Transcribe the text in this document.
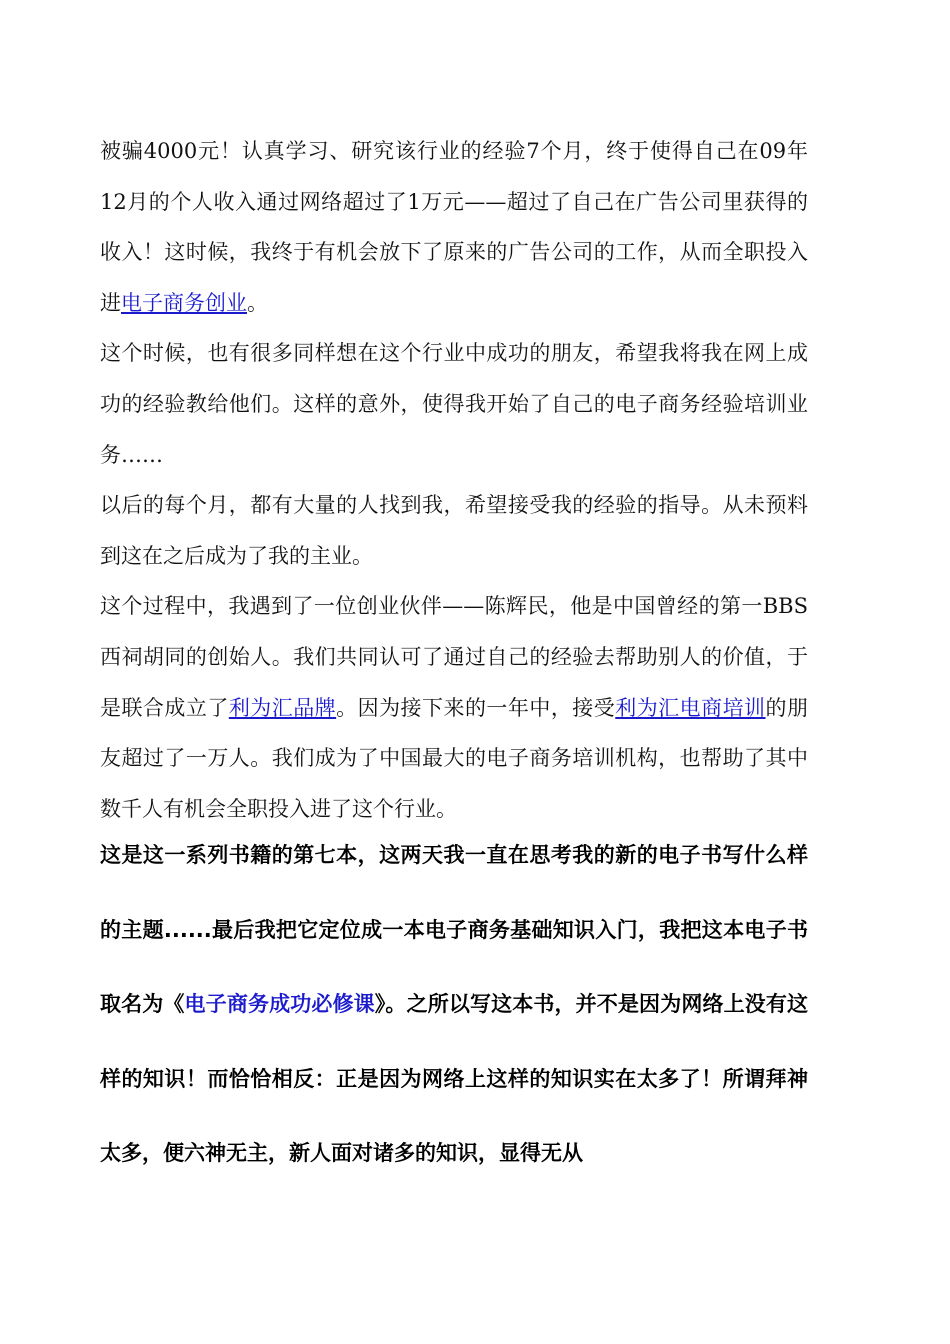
被骗4000元！认真学习、研究该行业的经验7个月，终于使得自己在09年12月的个人收入通过网络超过了1万元——超过了自己在广告公司里获得的收入！这时候，我终于有机会放下了原来的广告公司的工作，从而全职投入进电子商务创业。

这个时候，也有很多同样想在这个行业中成功的朋友，希望我将我在网上成功的经验教给他们。这样的意外，使得我开始了自己的电子商务经验培训业务……

以后的每个月，都有大量的人找到我，希望接受我的经验的指导。从未预料到这在之后成为了我的主业。

这个过程中，我遇到了一位创业伙伴——陈辉民，他是中国曾经的第一BBS西祠胡同的创始人。我们共同认可了通过自己的经验去帮助别人的价值，于是联合成立了利为汇品牌。因为接下来的一年中，接受利为汇电商培训的朋友超过了一万人。我们成为了中国最大的电子商务培训机构，也帮助了其中数千人有机会全职投入进了这个行业。

这是这一系列书籍的第七本，这两天我一直在思考我的新的电子书写什么样的主题......最后我把它定位成一本电子商务基础知识入门，我把这本电子书取名为《电子商务成功必修课》。之所以写这本书，并不是因为网络上没有这样的知识！而恰恰相反：正是因为网络上这样的知识实在太多了！所谓拜神太多，便六神无主，新人面对诸多的知识，显得无从
